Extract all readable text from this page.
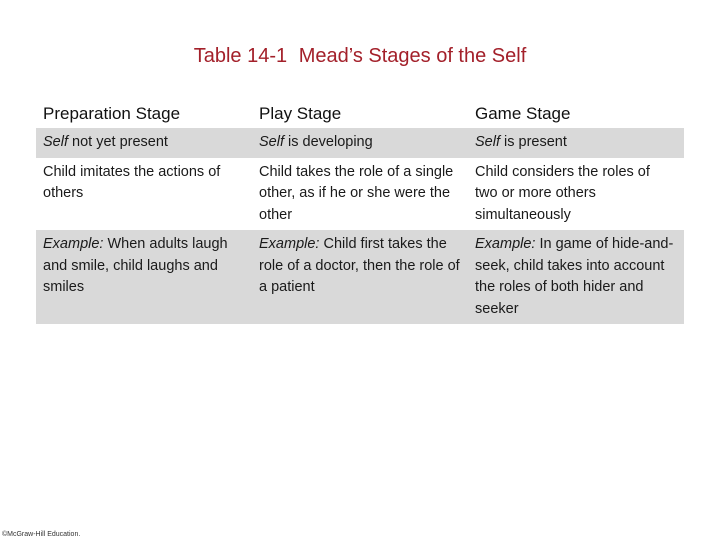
Table 14-1 Mead’s Stages of the Self
Preparation Stage	Play Stage	Game Stage
Self not yet present	Self is developing	Self is present
Child imitates the actions of others	Child takes the role of a single other, as if he or she were the other	Child considers the roles of two or more others simultaneously
Example: When adults laugh and smile, child laughs and smiles	Example: Child first takes the role of a doctor, then the role of a patient	Example: In game of hide-and-seek, child takes into account the roles of both hider and seeker
©McGraw-Hill Education.
